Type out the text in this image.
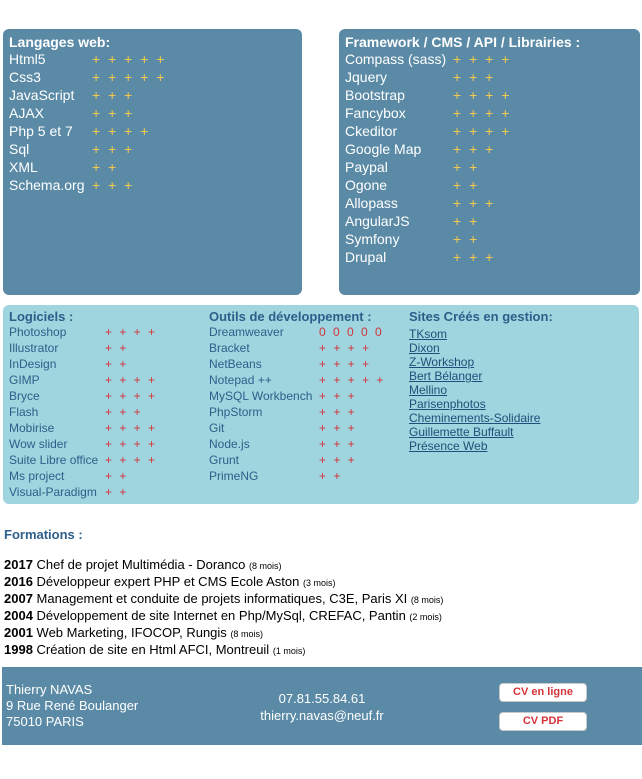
Langages web:
Html5	+ + + + +
Css3	+ + + + +
JavaScript	+ + +
AJAX	+ + +
Php 5 et 7	+ + + +
Sql	+ + +
XML	+ +
Schema.org + + +
Framework / CMS / API / Librairies :
Compass (sass) + + + +
Jquery	+ + +
Bootstrap	+ + + +
Fancybox	+ + + +
Ckeditor	+ + + +
Google Map	+ + +
Paypal	+ +
Ogone	+ +
Allopass	+ + +
AngularJS	+ +
Symfony	+ +
Drupal	+ + +
Logiciels :
Photoshop	+ + + +
Illustrator	+ +
InDesign	+ +
GIMP	+ + + +
Bryce	+ + + +
Flash	+ + +
Mobirise	+ + + +
Wow slider	+ + + +
Suite Libre office + + + +
Ms project	+ +
Visual-Paradigm + +
Outils de développement :
Dreamweaver	0 0 0 0 0
Bracket	+ + + +
NetBeans	+ + + +
Notepad ++	+ + + + +
MySQL Workbench + + +
PhpStorm	+ + +
Git	+ + +
Node.js	+ + +
Grunt	+ + +
PrimeNG	+ +
Sites Créés en gestion:
TKsom
Dixon
Z-Workshop
Bert Bélanger
Mellino
Parisenphotos
Cheminements-Solidaire
Guillemette Buffault
Présence Web
Formations :
2017 Chef de projet Multimédia - Doranco (8 mois)
2016 Développeur expert PHP et CMS Ecole Aston (3 mois)
2007 Management et conduite de projets informatiques, C3E, Paris XI (8 mois)
2004 Développement de site Internet en Php/MySql, CREFAC, Pantin (2 mois)
2001 Web Marketing, IFOCOP, Rungis (8 mois)
1998 Création de site en Html AFCI, Montreuil (1 mois)
Thierry NAVAS
9 Rue René Boulanger
75010 PARIS
07.81.55.84.61
thierry.navas@neuf.fr
CV en ligne
CV PDF
